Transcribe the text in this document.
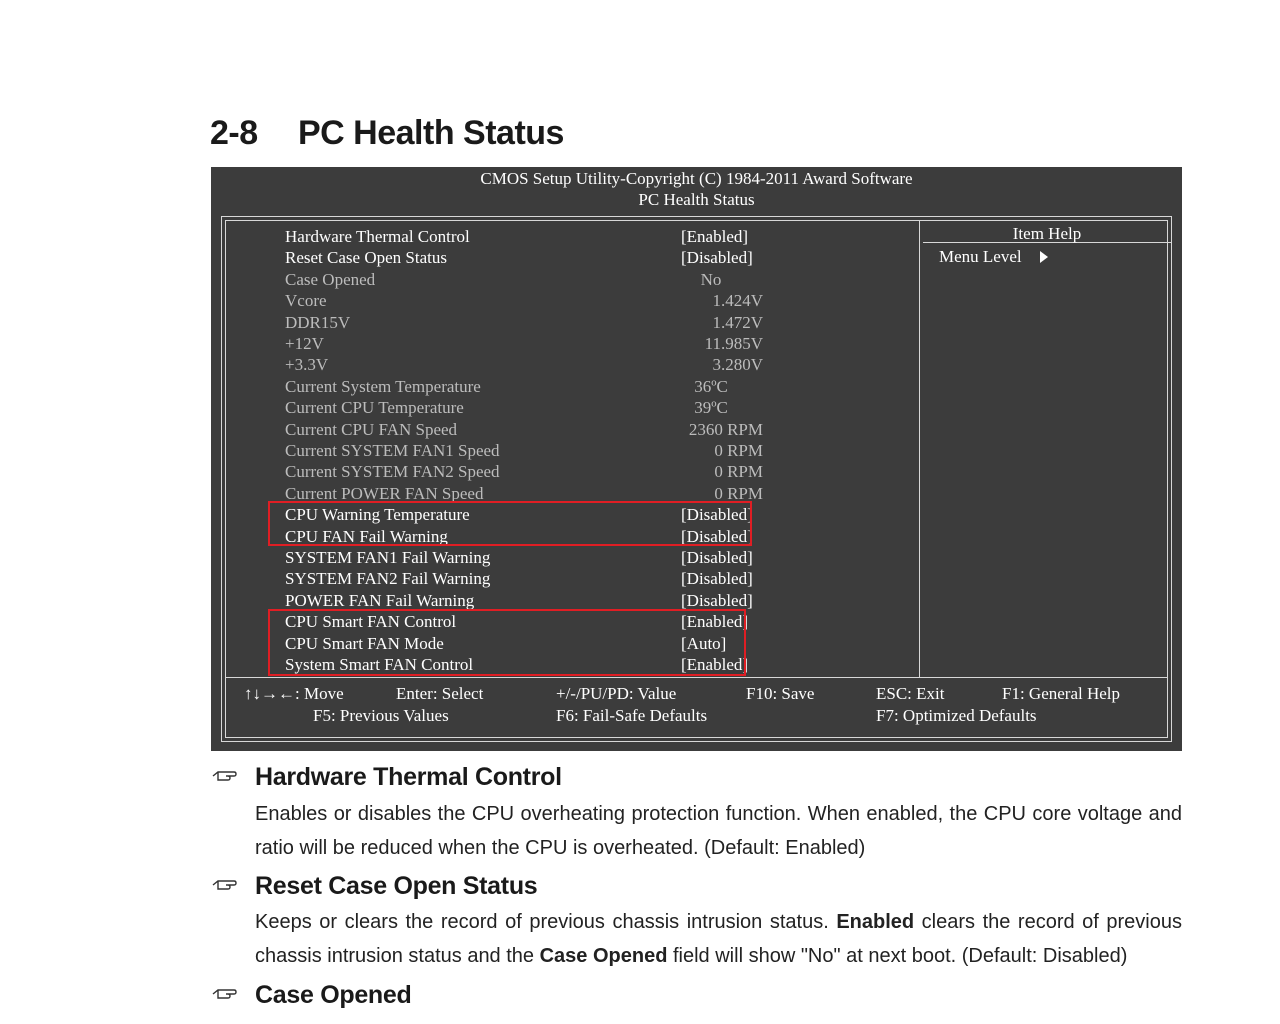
2-8 PC Health Status
CMOS Setup Utility-Copyright (C) 1984-2011 Award Software
PC Health Status
Item Help
Menu Level
Hardware Thermal Control	[Enabled]
Reset Case Open Status	[Disabled]
Case Opened	No
Vcore	1.424V
DDR15V	1.472V
+12V	11.985V
+3.3V	3.280V
Current System Temperature	36ºC
Current CPU Temperature	39ºC
Current CPU FAN Speed	2360 RPM
Current SYSTEM FAN1 Speed	0 RPM
Current SYSTEM FAN2 Speed	0 RPM
Current POWER FAN Speed	0 RPM
CPU Warning Temperature	[Disabled]
CPU FAN Fail Warning	[Disabled]
SYSTEM FAN1 Fail Warning	[Disabled]
SYSTEM FAN2 Fail Warning	[Disabled]
POWER FAN Fail Warning	[Disabled]
CPU Smart FAN Control	[Enabled]
CPU Smart FAN Mode	[Auto]
System Smart FAN Control	[Enabled]
↑↓→←: Move	Enter: Select	+/-/PU/PD: Value	F10: Save	ESC: Exit	F1: General Help
F5: Previous Values	F6: Fail-Safe Defaults	F7: Optimized Defaults
Hardware Thermal Control
Enables or disables the CPU overheating protection function. When enabled, the CPU core voltage and
ratio will be reduced when the CPU is overheated. (Default: Enabled)
Reset Case Open Status
Keeps or clears the record of previous chassis intrusion status. Enabled clears the record of previous
chassis intrusion status and the Case Opened field will show "No" at next boot. (Default: Disabled)
Case Opened
